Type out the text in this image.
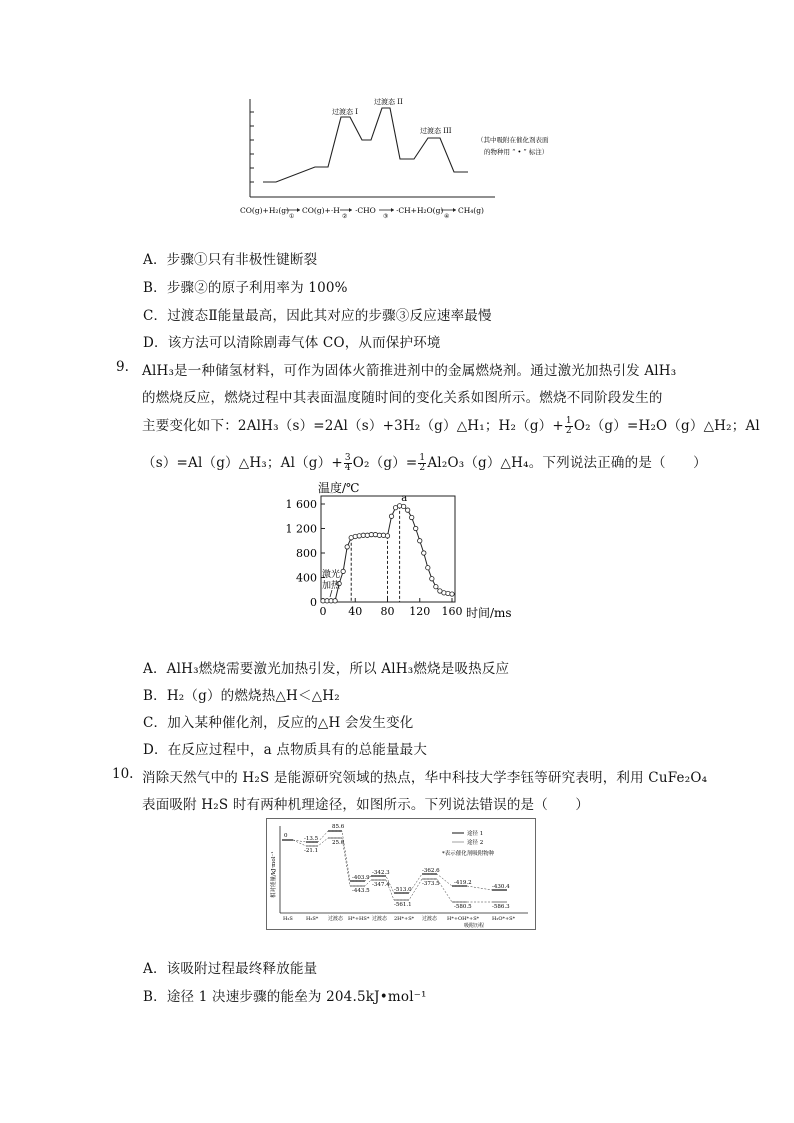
过渡态 I
过渡态 II
过渡态 III
（其中吸附在催化剂表面
的物种用 “ • ” 标注）
CO(g)+H₂(g)
①
CO(g)+·H
②
·CHO
③
·CH+H₂O(g)
④
CH₄(g)
A．步骤①只有非极性键断裂
B．步骤②的原子利用率为 100%
C．过渡态Ⅱ能量最高，因此其对应的步骤③反应速率最慢
D．该方法可以清除剧毒气体 CO，从而保护环境
9. AlH₃是一种储氢材料，可作为固体火箭推进剂中的金属燃烧剂。通过激光加热引发 AlH₃
的燃烧反应，燃烧过程中其表面温度随时间的变化关系如图所示。燃烧不同阶段发生的
主要变化如下：2AlH₃（s）=2Al（s）+3H₂（g）△H₁；$H_2(g)+ \frac{1}{2}$ O₂（g）=H₂O（g）△H₂；Al
（s）=Al（g）△H₃；$Al(g)+ \frac{3}{4} O_2(g)= \frac{1}{2}$ Al₂O₃（g）△H₄。下列说法正确的是（　　）
温度/℃
时间/ms
1 600
1 200
800
400
0
0 40 80 120 160
a
激光
加热
A．AlH₃燃烧需要激光加热引发，所以 AlH₃燃烧是吸热反应
B．H₂（g）的燃烧热△H＜△H₂
C．加入某种催化剂，反应的△H 会发生变化
D．在反应过程中，a 点物质具有的总能量最大
10. 消除天然气中的 H₂S 是能源研究领域的热点，华中科技大学李钰等研究表明，利用 CuFe₂O₄
表面吸附 H₂S 时有两种机理途径，如图所示。下列说法错误的是（　　）
相对能量/kJ·mol⁻¹
途径 1
途径 2
*表示催化剂吸附物种
0	-13.5
-21.1
85.6
25.0
-403.9
-443.5
-342.3
-347.4
-513.0
-561.1
-362.6
-373.5	-419.2
-580.5
-430.4
-586.3
H₂S	H₂S* 过渡态 H*+HS* 过渡态 2H*+S* 过渡态 H*+OH*+S*	H₂O*+S*
吸附历程
A．该吸附过程最终释放能量
B．途径 1 决速步骤的能垒为 204.5kJ•mol⁻¹
